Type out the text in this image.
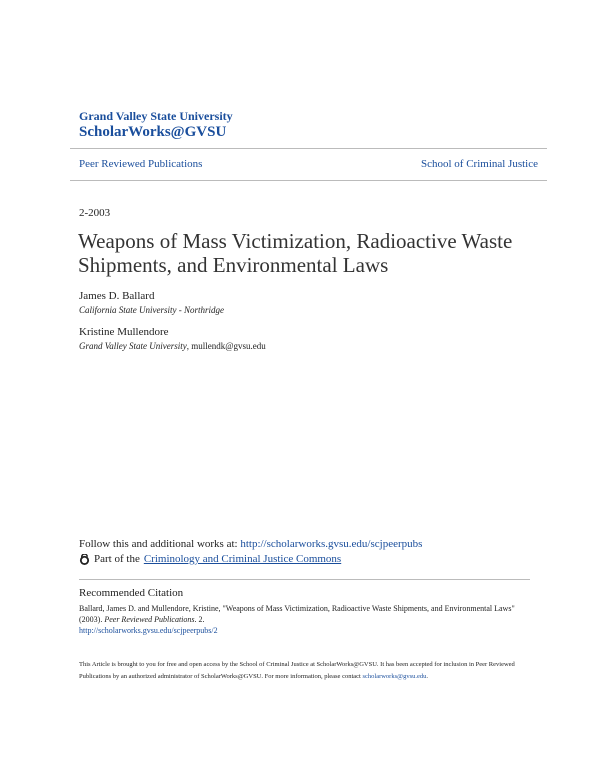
Grand Valley State University
ScholarWorks@GVSU
Peer Reviewed Publications	School of Criminal Justice
2-2003
Weapons of Mass Victimization, Radioactive Waste Shipments, and Environmental Laws
James D. Ballard
California State University - Northridge
Kristine Mullendore
Grand Valley State University, mullendk@gvsu.edu
Follow this and additional works at: http://scholarworks.gvsu.edu/scjpeerpubs
Part of the Criminology and Criminal Justice Commons
Recommended Citation
Ballard, James D. and Mullendore, Kristine, "Weapons of Mass Victimization, Radioactive Waste Shipments, and Environmental Laws" (2003). Peer Reviewed Publications. 2.
http://scholarworks.gvsu.edu/scjpeerpubs/2
This Article is brought to you for free and open access by the School of Criminal Justice at ScholarWorks@GVSU. It has been accepted for inclusion in Peer Reviewed Publications by an authorized administrator of ScholarWorks@GVSU. For more information, please contact scholarworks@gvsu.edu.
